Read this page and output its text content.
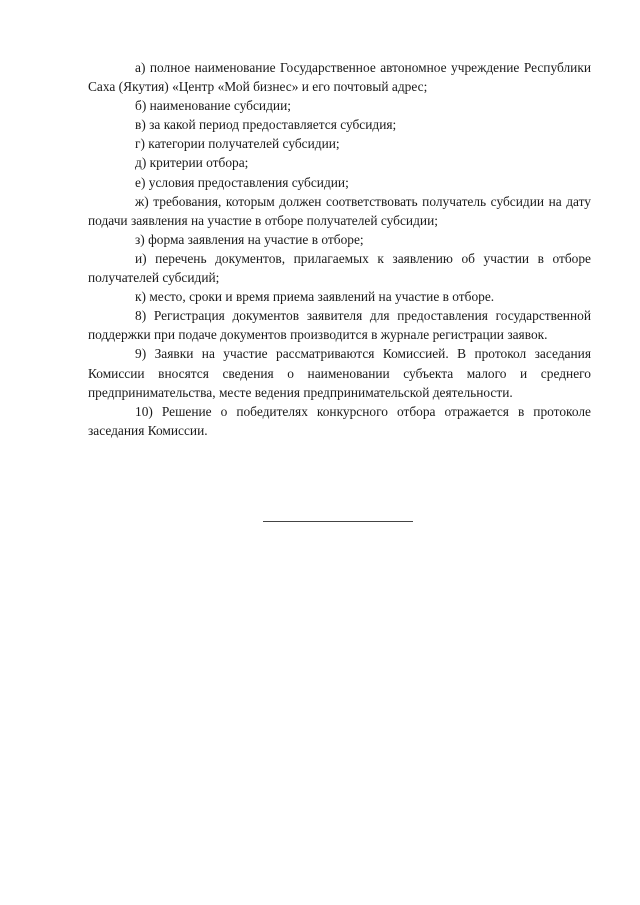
а) полное наименование Государственное автономное учреждение Республики Саха (Якутия) «Центр «Мой бизнес» и его почтовый адрес;

б) наименование субсидии;

в) за какой период предоставляется субсидия;

г) категории получателей субсидии;

д) критерии отбора;

е) условия предоставления субсидии;

ж) требования, которым должен соответствовать получатель субсидии на дату подачи заявления на участие в отборе получателей субсидии;

з) форма заявления на участие в отборе;

и) перечень документов, прилагаемых к заявлению об участии в отборе получателей субсидий;

к) место, сроки и время приема заявлений на участие в отборе.

8) Регистрация документов заявителя для предоставления государственной поддержки при подаче документов производится в журнале регистрации заявок.

9) Заявки на участие рассматриваются Комиссией. В протокол заседания Комиссии вносятся сведения о наименовании субъекта малого и среднего предпринимательства, месте ведения предпринимательской деятельности.

10) Решение о победителях конкурсного отбора отражается в протоколе заседания Комиссии.
